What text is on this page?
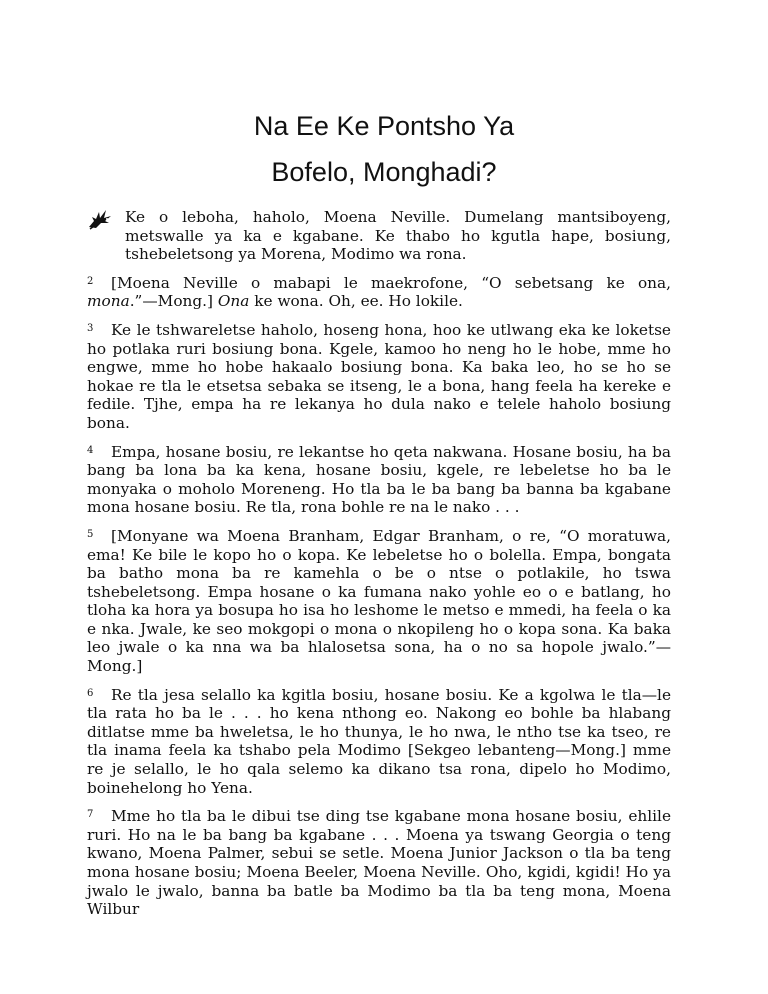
Na Ee Ke Pontsho Ya
Bofelo, Monghadi?

Ke o leboha, haholo, Moena Neville. Dumelang mantsiboyeng, metswalle ya ka e kgabane. Ke thabo ho kgutla hape, bosiung, tshebeletsong ya Morena, Modimo wa rona.

2 [Moena Neville o mabapi le maekrofone, “O sebetsang ke ona, mona.”—Mong.] Ona ke wona. Oh, ee. Ho lokile.

3 Ke le tshwareletse haholo, hoseng hona, hoo ke utlwang eka ke loketse ho potlaka ruri bosiung bona. Kgele, kamoo ho neng ho le hobe, mme ho engwe, mme ho hobe hakaalo bosiung bona. Ka baka leo, ho se ho se hokae re tla le etsetsa sebaka se itseng, le a bona, hang feela ha kereke e fedile. Tjhe, empa ha re lekanya ho dula nako e telele haholo bosiung bona.

4 Empa, hosane bosiu, re lekantse ho qeta nakwana. Hosane bosiu, ha ba bang ba lona ba ka kena, hosane bosiu, kgele, re lebeletse ho ba le monyaka o moholo Moreneng. Ho tla ba le ba bang ba banna ba kgabane mona hosane bosiu. Re tla, rona bohle re na le nako . . .

5 [Monyane wa Moena Branham, Edgar Branham, o re, “O moratuwa, ema! Ke bile le kopo ho o kopa. Ke lebeletse ho o bolella. Empa, bongata ba batho mona ba re kamehla o be o ntse o potlakile, ho tswa tshebeletsong. Empa hosane o ka fumana nako yohle eo o e batlang, ho tloha ka hora ya bosupa ho isa ho leshome le metso e mmedi, ha feela o ka e nka. Jwale, ke seo mokgopi o mona o nkopileng ho o kopa sona. Ka baka leo jwale o ka nna wa ba hlalosetsa sona, ha o no sa hopole jwalo.”—Mong.]

6 Re tla jesa selallo ka kgitla bosiu, hosane bosiu. Ke a kgolwa le tla—le tla rata ho ba le . . . ho kena nthong eo. Nakong eo bohle ba hlabang ditlatse mme ba hweletsa, le ho thunya, le ho nwa, le ntho tse ka tseo, re tla inama feela ka tshabo pela Modimo [Sekgeo lebanteng—Mong.] mme re je selallo, le ho qala selemo ka dikano tsa rona, dipelo ho Modimo, boinehelong ho Yena.

7 Mme ho tla ba le dibui tse ding tse kgabane mona hosane bosiu, ehlile ruri. Ho na le ba bang ba kgabane . . . Moena ya tswang Georgia o teng kwano, Moena Palmer, sebui se setle. Moena Junior Jackson o tla ba teng mona hosane bosiu; Moena Beeler, Moena Neville. Oho, kgidi, kgidi! Ho ya jwalo le jwalo, banna ba batle ba Modimo ba tla ba teng mona, Moena Wilbur
